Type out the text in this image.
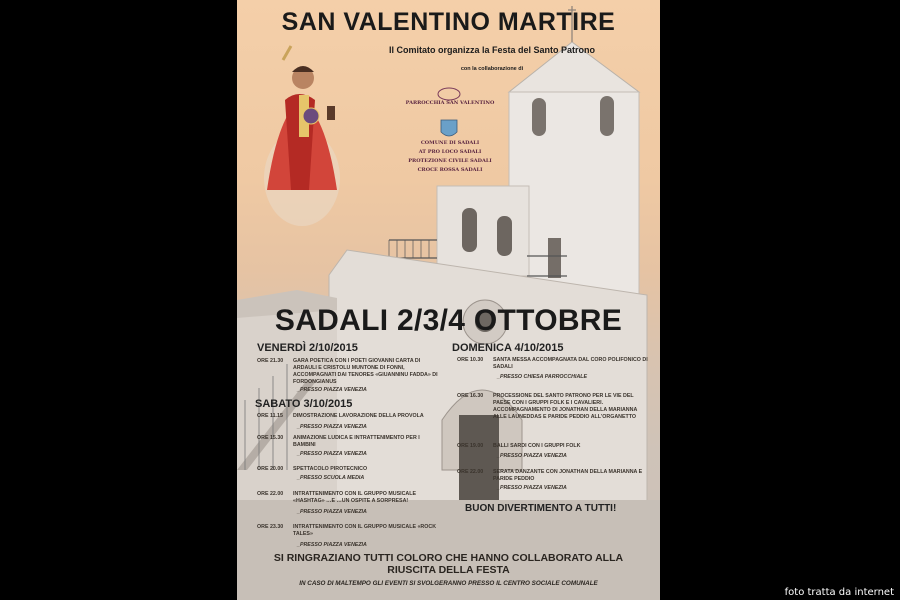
SAN VALENTINO MARTIRE

Il Comitato organizza la Festa del Santo Patrono

con la collaborazione di

PARROCCHIA SAN VALENTINO

COMUNE DI SADALI

AT PRO LOCO SADALI

PROTEZIONE CIVILE SADALI

CROCE ROSSA SADALI

SADALI 2/3/4 OTTOBRE

VENERDÌ 2/10/2015

ORE 21.30	GARA POETICA CON I POETI GIOVANNI CARTA DI ARDAULI E CRISTOLU MUNTONE DI FONNI, ACCOMPAGNATI DAI TENORES «GIUANNINU FADDA» DI FORDONGIANUS
_PRESSO PIAZZA VENEZIA

SABATO 3/10/2015

ORE 11.15	DIMOSTRAZIONE LAVORAZIONE DELLA PROVOLA
_PRESSO PIAZZA VENEZIA
ORE 15.30	ANIMAZIONE LUDICA E INTRATTENIMENTO PER I BAMBINI
_PRESSO PIAZZA VENEZIA
ORE 20.00	SPETTACOLO PIROTECNICO
_PRESSO SCUOLA MEDIA
ORE 22.00	INTRATTENIMENTO CON IL GRUPPO MUSICALE «HASHTAG» …E …UN OSPITE A SORPRESA!
_PRESSO PIAZZA VENEZIA
ORE 23.30	INTRATTENIMENTO CON IL GRUPPO MUSICALE «ROCK TALES»
_PRESSO PIAZZA VENEZIA

DOMENICA 4/10/2015

ORE 10.30	SANTA MESSA ACCOMPAGNATA DAL CORO POLIFONICO DI SADALI
_PRESSO CHIESA PARROCCHIALE
ORE 16.30	PROCESSIONE DEL SANTO PATRONO PER LE VIE DEL PAESE CON I GRUPPI FOLK E I CAVALIERI. ACCOMPAGNAMENTO DI JONATHAN DELLA MARIANNA ALLE LAUNEDDAS E PARIDE PEDDIO ALL'ORGANETTO
ORE 19.00	BALLI SARDI CON I GRUPPI FOLK
_PRESSO PIAZZA VENEZIA
ORE 22.00	SERATA DANZANTE CON JONATHAN DELLA MARIANNA E PARIDE PEDDIO
_PRESSO PIAZZA VENEZIA

BUON DIVERTIMENTO A TUTTI!

SI RINGRAZIANO TUTTI COLORO CHE HANNO COLLABORATO ALLA RIUSCITA DELLA FESTA

IN CASO DI MALTEMPO GLI EVENTI SI SVOLGERANNO PRESSO IL CENTRO SOCIALE COMUNALE

foto tratta da internet
